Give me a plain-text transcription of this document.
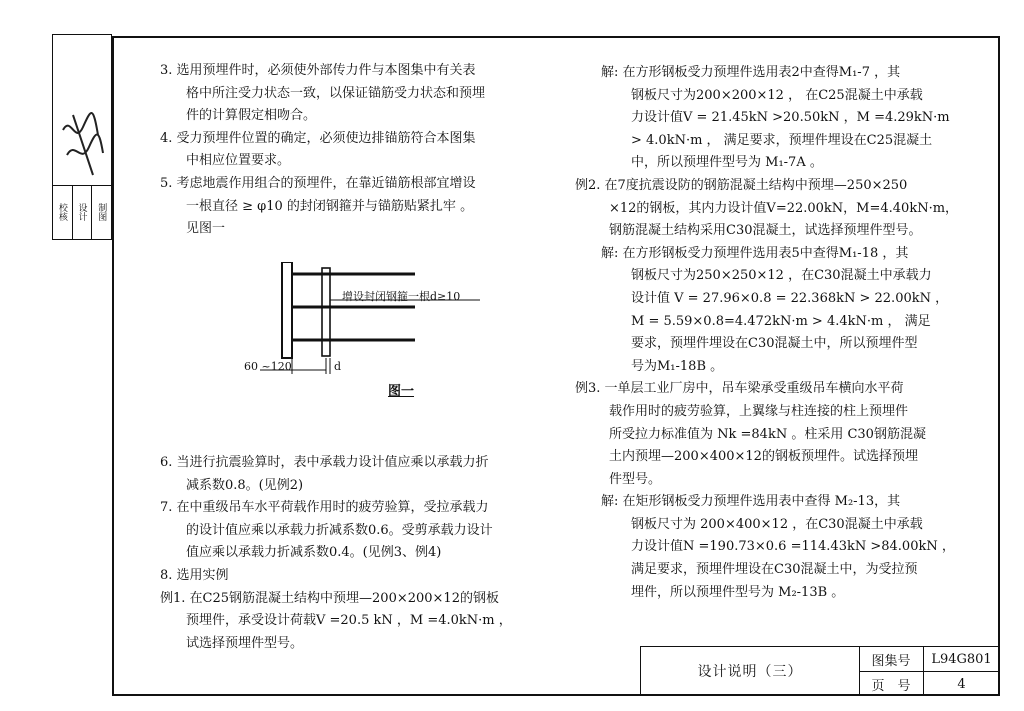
校核	设计	制图

3. 选用预埋件时，必须使外部传力件与本图集中有关表

格中所注受力状态一致，以保证锚筋受力状态和预埋

件的计算假定相吻合。

4. 受力预埋件位置的确定，必须使边排锚筋符合本图集

中相应位置要求。

5. 考虑地震作用组合的预埋件，在靠近锚筋根部宜增设

一根直径 ≥ φ10 的封闭钢箍并与锚筋贴紧扎牢 。

见图一

增设封闭钢箍一根d≥10
60 ~120	d
图一

6. 当进行抗震验算时，表中承载力设计值应乘以承载力折

减系数0.8。(见例2)

7. 在中重级吊车水平荷载作用时的疲劳验算，受拉承载力

的设计值应乘以承载力折减系数0.6。受剪承载力设计

值应乘以承载力折减系数0.4。(见例3、例4)

8. 选用实例

例1. 在C25钢筋混凝土结构中预埋—200×200×12的钢板

预埋件，承受设计荷载V =20.5 kN ，M =4.0kN·m ，

试选择预埋件型号。

解: 在方形钢板受力预埋件选用表2中查得M₁-7 ，其

钢板尺寸为200×200×12 ， 在C25混凝土中承载

力设计值V = 21.45kN >20.50kN ，M =4.29kN·m

> 4.0kN·m ， 满足要求，预埋件埋设在C25混凝土

中，所以预埋件型号为 M₁-7A 。

例2. 在7度抗震设防的钢筋混凝土结构中预埋—250×250

×12的钢板，其内力设计值V=22.00kN，M=4.40kN·m，

钢筋混凝土结构采用C30混凝土，试选择预埋件型号。

解: 在方形钢板受力预埋件选用表5中查得M₁-18 ，其

钢板尺寸为250×250×12 ，在C30混凝土中承载力

设计值 V = 27.96×0.8 = 22.368kN > 22.00kN ，

M = 5.59×0.8=4.472kN·m > 4.4kN·m ， 满足

要求，预埋件埋设在C30混凝土中，所以预埋件型

号为M₁-18B 。

例3. 一单层工业厂房中，吊车梁承受重级吊车横向水平荷

载作用时的疲劳验算，上翼缘与柱连接的柱上预埋件

所受拉力标准值为 Nk =84kN 。柱采用 C30钢筋混凝

土内预埋—200×400×12的钢板预埋件。试选择预埋

件型号。

解: 在矩形钢板受力预埋件选用表中查得 M₂-13，其

钢板尺寸为 200×400×12 ，在C30混凝土中承载

力设计值N =190.73×0.6 =114.43kN >84.00kN ，

满足要求，预埋件埋设在C30混凝土中，为受拉预

埋件，所以预埋件型号为 M₂-13B 。

设计说明（三）
图集号	L94G801
页　号	4
